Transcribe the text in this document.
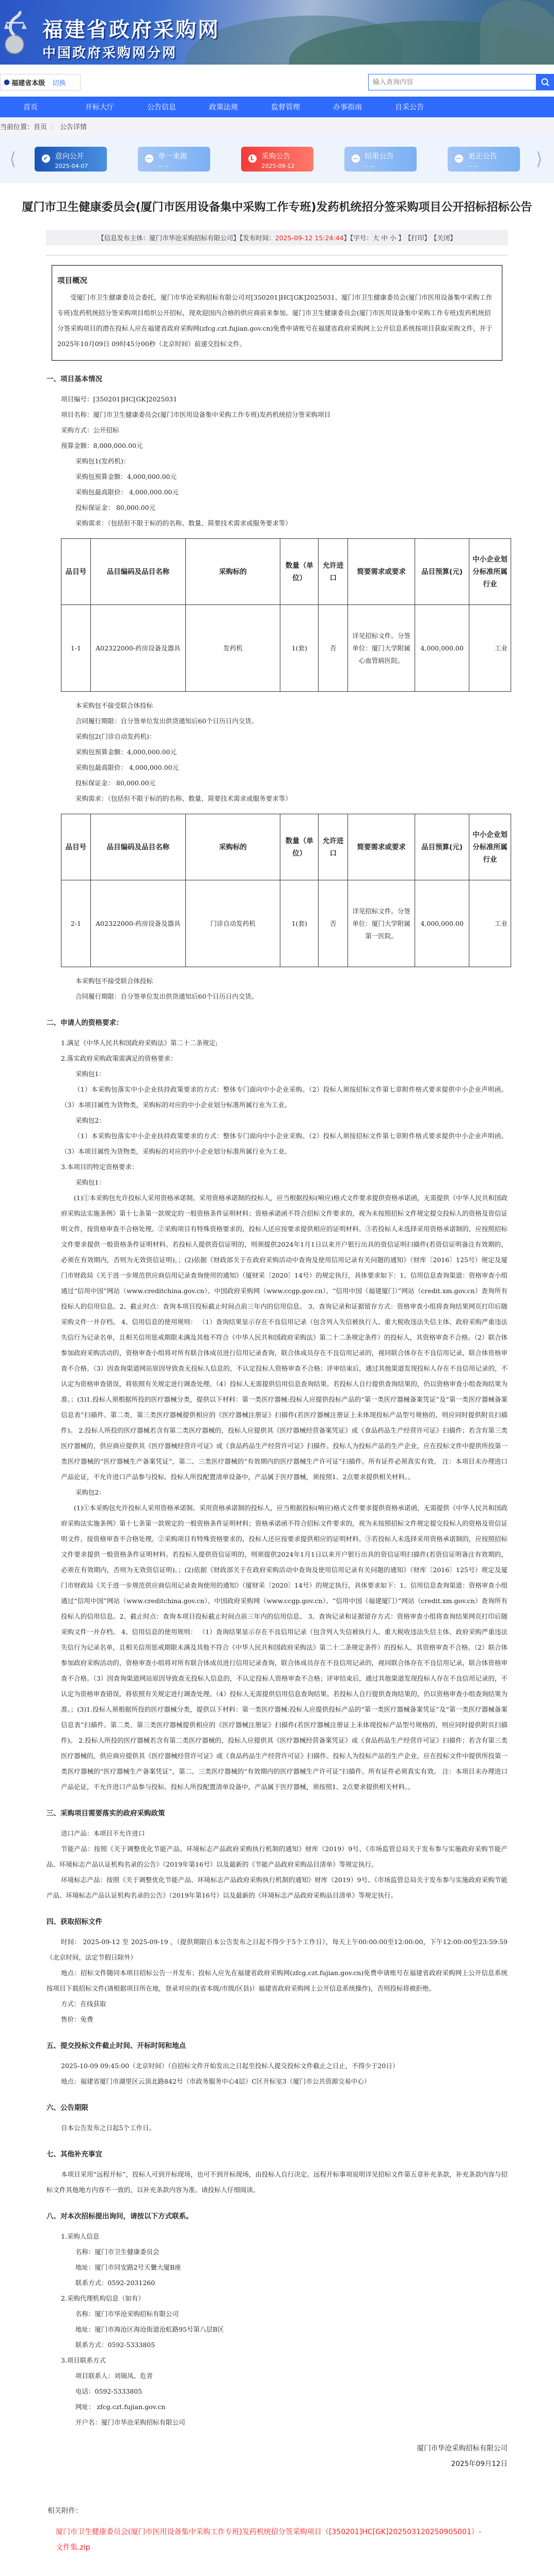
福建省政府采购网
中国政府采购网分网
● 福建省本级 切换
输入查询内容
首页	开标大厅	公告信息	政策法规	监督管理	办事指南	自采公告
当前位置： 首页 〉 公告详情
⟨	✔ 意向公开
2025-04-07
— 单一来源
-- --
L	采购公告
2025-09-12
— 结果公告
-- --
— 更正公告
-- --	⟩
厦门市卫生健康委员会(厦门市医用设备集中采购工作专班)发药机统招分签采购项目公开招标招标公告
【信息发布主体：厦门市华沧采购招标有限公司】【发布时间： 2025-09-12 15:24:44 】【字号： 大
中
小
】 【打印】 【关闭】
项目概况

受厦门市卫生健康委员会委托，厦门市华沧采购招标有限公司对[350201]HC[GK]2025031、厦门市卫生健康委员会(厦门市医用设备集中采购工作专班)发药机统招分签采购项目组织公开招标，现欢迎国内合格的供应商前来参加。厦门市卫生健康委员会(厦门市医用设备集中采购工作专班)发药机统招分签采购项目的潜在投标人应在福建省政府采购网(zfcg.czt.fujian.gov.cn)免费申请账号在福建省政府采购网上公开信息系统按项目获取采购文件，并于2025年10月09日 09时45分00秒（北京时间）前递交投标文件。

一、项目基本情况
项目编号：[350201]HC[GK]2025031
项目名称：厦门市卫生健康委员会(厦门市医用设备集中采购工作专班)发药机统招分签采购项目
采购方式：公开招标
预算金额：8,000,000.00元
采购包1(发药机)：
采购包预算金额：4,000,000.00元
采购包最高限价： 4,000,000.00元
投标保证金： 80,000.00元
采购需求：（包括但不限于标的的名称、数量、简要技术需求或服务要求等）
品目号	品目编码及品目名称	采购标的	数量（单位）	允许进口	简要需求或要求	品目预算(元)	中小企业划分标准所属行业
1-1	A02322000-药房设备及器具	发药机	1(套)	否	详见招标文件。分签单位：厦门大学附属心血管病医院。	4,000,000.00	工业
本采购包不接受联合体投标
合同履行期限：自分签单位发出供货通知后60个日历日内交货。
采购包2(门诊自动发药机)：
采购包预算金额：4,000,000.00元
采购包最高限价： 4,000,000.00元
投标保证金： 80,000.00元
采购需求：（包括但不限于标的的名称、数量、简要技术需求或服务要求等）
品目号	品目编码及品目名称	采购标的	数量（单位）	允许进口	简要需求或要求	品目预算(元)	中小企业划分标准所属行业
2-1	A02322000-药房设备及器具	门诊自动发药机	1(套)	否	详见招标文件。分签单位：厦门大学附属第一医院。	4,000,000.00	工业
本采购包不接受联合体投标
合同履行期限：自分签单位发出供货通知后60个日历日内交货。
二、申请人的资格要求：
1.满足《中华人民共和国政府采购法》第二十二条规定;
2.落实政府采购政策需满足的资格要求：
采购包1：
（1）本采购包落实中小企业扶持政策要求的方式：整体专门面向中小企业采购。（2）投标人须按招标文件第七章附件格式要求提供中小企业声明函。（3）本项目属性为货物类，采购标的对应的中小企业划分标准所属行业为工业。
采购包2：
（1）本采购包落实中小企业扶持政策要求的方式：整体专门面向中小企业采购。（2）投标人须按招标文件第七章附件格式要求提供中小企业声明函。（3）本项目属性为货物类，采购标的对应的中小企业划分标准所属行业为工业。
3.本项目的特定资格要求：
采购包1：
(1)①本采购包允许投标人采用资格承诺制。采用资格承诺制的投标人，应当根据投标(响应)格式文件要求提供资格承诺函，无需提供《中华人民共和国政府采购法实施条例》第十七条第一款规定的一般资格条件证明材料；资格承诺函不符合招标文件要求的，视为未按照招标文件规定提交投标人的资格及资信证明文件，按资格审查不合格处理。②采购项目有特殊资格要求的，投标人还应按要求提供相应的证明材料。③若投标人未选择采用资格承诺制的，应按照招标文件要求提供一般资格条件证明材料。若投标人提供资信证明的，则须提供2024年1月1日以来开户银行出具的资信证明扫描件(若资信证明备注有效期的，必须在有效期内，否则为无效资信证明)。；(2)依据《财政部关于在政府采购活动中查询及使用信用记录有关问题的通知》（财库〔2016〕125号）规定及厦门市财政局《关于进一步规范供应商信用记录查询使用的通知》（厦财采〔2020〕14号）的规定执行，具体要求如下：1、信用信息查询渠道：资格审查小组通过“信用中国”网站（www.creditchina.gov.cn）、中国政府采购网（www.ccgp.gov.cn）、“信用中国（福建厦门）”网站（credit.xm.gov.cn）查询所有投标人的信用信息。2、截止时点：查询本项目投标截止时间点前三年内的信用信息。 3、查询记录和证据留存方式：资格审查小组将查询结果网页打印后随采购文件一并存档。 4、信用信息的使用规则： （1）查询结果显示存在不良信用记录（包含列入失信被执行人、重大税收违法失信主体、政府采购严重违法失信行为记录名单，且相关信用惩戒期限未满及其他不符合《中华人民共和国政府采购法》第二十二条规定条件）的投标人，其资格审查不合格。（2）联合体参加政府采购活动的，资格审查小组将对所有联合体成员进行信用记录查询，联合体成员存在不良信用记录的，视同联合体存在不良信用记录，联合体资格审查不合格。（3）因查询渠道网站原因导致查无投标人信息的，不认定投标人资格审查不合格；评审结束后，通过其他渠道发现投标人存在不良信用记录的，不认定为资格审查错误，将依照有关规定进行调查处理。（4）投标人无需提供信用信息查询结果。若投标人自行提供查询结果的，仍以资格审查小组查询结果为准。；(3)1.投标人须根据所投的医疗器械分类，提供以下材料：第一类医疗器械:投标人应提供投标产品的“第一类医疗器械备案凭证”及“第一类医疗器械备案信息表”扫描件。第二类、第三类医疗器械提供相应的《医疗器械注册证》扫描件(若医疗器械注册证上未体现投标产品型号规格的，则应同时提供附页扫描件)。 2.投标人所投的医疗器械若含有第二类医疗器械的，投标人应提供其《医疗器械经营备案凭证》或《食品药品生产经营许可证》扫描件；若含有第三类医疗器械的，供应商应提供其《医疗器械经营许可证》或《食品药品生产经营许可证》扫描件。投标人为投标产品的生产企业，应在投标文件中提供所投第一类医疗器械的“医疗器械生产备案凭证”，第二、三类医疗器械的“有效期内的医疗器械生产许可证”扫描件。所有证件必须真实有效。 注：本项目未办理进口产品论证，不允许进口产品参与投标。投标人所投配置清单设备中，产品属于医疗器械，须按照1、2点要求提供相关材料。。
采购包2：
(1)①本采购包允许投标人采用资格承诺制。采用资格承诺制的投标人，应当根据投标(响应)格式文件要求提供资格承诺函，无需提供《中华人民共和国政府采购法实施条例》第十七条第一款规定的一般资格条件证明材料；资格承诺函不符合招标文件要求的，视为未按照招标文件规定提交投标人的资格及资信证明文件，按资格审查不合格处理。②采购项目有特殊资格要求的，投标人还应按要求提供相应的证明材料。③若投标人未选择采用资格承诺制的，应按照招标文件要求提供一般资格条件证明材料。若投标人提供资信证明的，则须提供2024年1月1日以来开户银行出具的资信证明扫描件(若资信证明备注有效期的，必须在有效期内，否则为无效资信证明)。；(2)依据《财政部关于在政府采购活动中查询及使用信用记录有关问题的通知》（财库〔2016〕125号）规定及厦门市财政局《关于进一步规范供应商信用记录查询使用的通知》（厦财采〔2020〕14号）的规定执行，具体要求如下：1、信用信息查询渠道：资格审查小组通过“信用中国”网站（www.creditchina.gov.cn）、中国政府采购网（www.ccgp.gov.cn）、“信用中国（福建厦门）”网站（credit.xm.gov.cn）查询所有投标人的信用信息。2、截止时点：查询本项目投标截止时间点前三年内的信用信息。 3、查询记录和证据留存方式：资格审查小组将查询结果网页打印后随采购文件一并存档。 4、信用信息的使用规则： （1）查询结果显示存在不良信用记录（包含列入失信被执行人、重大税收违法失信主体、政府采购严重违法失信行为记录名单，且相关信用惩戒期限未满及其他不符合《中华人民共和国政府采购法》第二十二条规定条件）的投标人，其资格审查不合格。（2）联合体参加政府采购活动的，资格审查小组将对所有联合体成员进行信用记录查询，联合体成员存在不良信用记录的，视同联合体存在不良信用记录，联合体资格审查不合格。（3）因查询渠道网站原因导致查无投标人信息的，不认定投标人资格审查不合格；评审结束后，通过其他渠道发现投标人存在不良信用记录的，不认定为资格审查错误，将依照有关规定进行调查处理。（4）投标人无需提供信用信息查询结果。若投标人自行提供查询结果的，仍以资格审查小组查询结果为准。；(3)1.投标人须根据所投的医疗器械分类，提供以下材料：第一类医疗器械:投标人应提供投标产品的“第一类医疗器械备案凭证”及“第一类医疗器械备案信息表”扫描件。第二类、第三类医疗器械提供相应的《医疗器械注册证》扫描件(若医疗器械注册证上未体现投标产品型号规格的，则应同时提供附页扫描件)。 2.投标人所投的医疗器械若含有第二类医疗器械的，投标人应提供其《医疗器械经营备案凭证》或《食品药品生产经营许可证》扫描件；若含有第三类医疗器械的，供应商应提供其《医疗器械经营许可证》或《食品药品生产经营许可证》扫描件。投标人为投标产品的生产企业，应在投标文件中提供所投第一类医疗器械的“医疗器械生产备案凭证”，第二、三类医疗器械的“有效期内的医疗器械生产许可证”扫描件。所有证件必须真实有效。 注：本项目未办理进口产品论证，不允许进口产品参与投标。投标人所投配置清单设备中，产品属于医疗器械，须按照1、2点要求提供相关材料。。
三、采购项目需要落实的政府采购政策
进口产品：本项目不允许进口
节能产品：按照《关于调整优化节能产品、环境标志产品政府采购执行机制的通知》财库（2019）9号、《市场监管总局关于发布参与实施政府采购节能产品、环境标志产品认证机构名录的公告》（2019年第16号）以及最新的《节能产品政府采购品目清单》等规定执行。
环境标志产品：按照《关于调整优化节能产品、环境标志产品政府采购执行机制的通知》财库（2019）9号、《市场监管总局关于发布参与实施政府采购节能产品、环境标志产品认证机构名录的公告》（2019年第16号）以及最新的《环境标志产品政府采购品目清单》等规定执行。
四、获取招标文件
时间： 2025-09-12 至 2025-09-19 ，（提供期限自本公告发布之日起不得少于5个工作日），每天上午00:00:00至12:00:00，下午12:00:00至23:59:59（北京时间，法定节假日除外）
地点：招标文件随同本项目招标公告一并发布；投标人应先在福建省政府采购网(zfcg.czt.fujian.gov.cn)免费申请账号在福建省政府采购网上公开信息系统按项目下载招标文件(请根据项目所在地，登录对应的(省本级/市级/区县)）福建省政府采购网上公开信息系统操作)，否则投标将被拒绝。
方式：在线获取
售价：免费
五、提交投标文件截止时间、开标时间和地点
2025-10-09 09:45:00（北京时间）（自招标文件开始发出之日起至投标人提交投标文件截止之日止，不得少于20日）
地点：福建省厦门市湖里区云顶北路842号（市政务服务中心4层）C区开标室3（厦门市公共资源交易中心）
六、公告期限
自本公告发布之日起5个工作日。
七、其他补充事宜
本项目采用“远程开标”，投标人可到开标现场，也可不到开标现场，由投标人自行决定。远程开标事项说明详见招标文件第五章补充条款，补充条款内容与招标文件其他地方内容不一致的，以补充条款内容为准。请投标人仔细阅读。
八、对本次招标提出询问，请按以下方式联系。
1.采购人信息
名称：厦门市卫生健康委员会
地址：厦门市同安路2号天黌大厦B座
联系方式：0592-2031260
2.采购代理机构信息（如有）
名称：厦门市华沧采购招标有限公司
地址：厦门市海沧区海沧街道沧虹路95号第八层B区
联系方式：0592-5333805
3.项目联系方式
项目联系人：刘瑞凤、危青
电话：0592-5333805
网址： zfcg.czt.fujian.gov.cn
开户名：厦门市华沧采购招标有限公司
厦门市华沧采购招标有限公司
2025年09月12日
相关附件：
厦门市卫生健康委员会(厦门市医用设备集中采购工作专班)发药机统招分签采购项目（[350201]HC[GK]202503120250905001）-文件集.zip
